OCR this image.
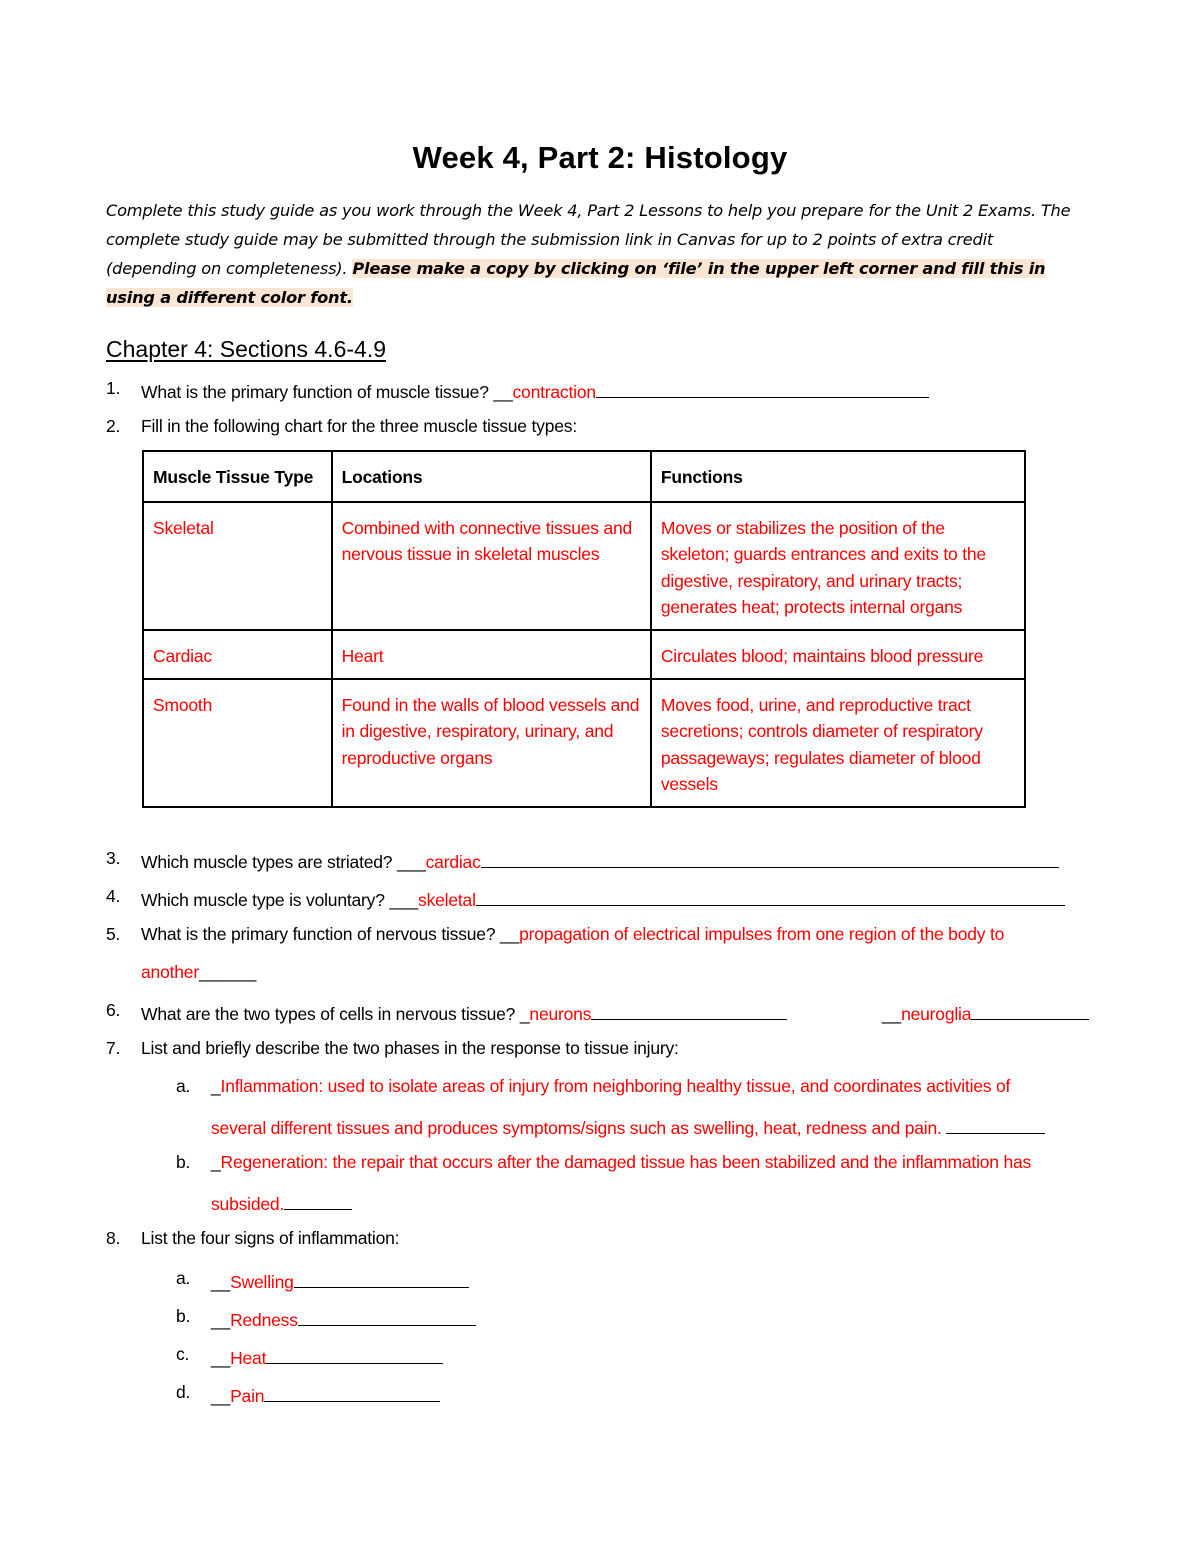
Week 4, Part 2: Histology
Complete this study guide as you work through the Week 4, Part 2 Lessons to help you prepare for the Unit 2 Exams. The complete study guide may be submitted through the submission link in Canvas for up to 2 points of extra credit (depending on completeness). Please make a copy by clicking on ‘file’ in the upper left corner and fill this in using a different color font.
Chapter 4: Sections 4.6-4.9
1. What is the primary function of muscle tissue? __contraction
2. Fill in the following chart for the three muscle tissue types:
Muscle Tissue Type	Locations	Functions
Skeletal	Combined with connective tissues and nervous tissue in skeletal muscles	Moves or stabilizes the position of the skeleton; guards entrances and exits to the digestive, respiratory, and urinary tracts; generates heat; protects internal organs
Cardiac	Heart	Circulates blood; maintains blood pressure
Smooth	Found in the walls of blood vessels and in digestive, respiratory, urinary, and reproductive organs	Moves food, urine, and reproductive tract secretions; controls diameter of respiratory passageways; regulates diameter of blood vessels
3. Which muscle types are striated? ___cardiac
4. Which muscle type is voluntary? ___skeletal
5. What is the primary function of nervous tissue? __propagation of electrical impulses from one region of the body to
another______
6. What are the two types of cells in nervous tissue? _neurons	__neuroglia
7. List and briefly describe the two phases in the response to tissue injury:
a. _Inflammation: used to isolate areas of injury from neighboring healthy tissue, and coordinates activities of
several different tissues and produces symptoms/signs such as swelling, heat, redness and pain.
b. _Regeneration: the repair that occurs after the damaged tissue has been stabilized and the inflammation has
subsided.
8. List the four signs of inflammation:
a. __Swelling
b. __Redness
c. __Heat
d. __Pain
